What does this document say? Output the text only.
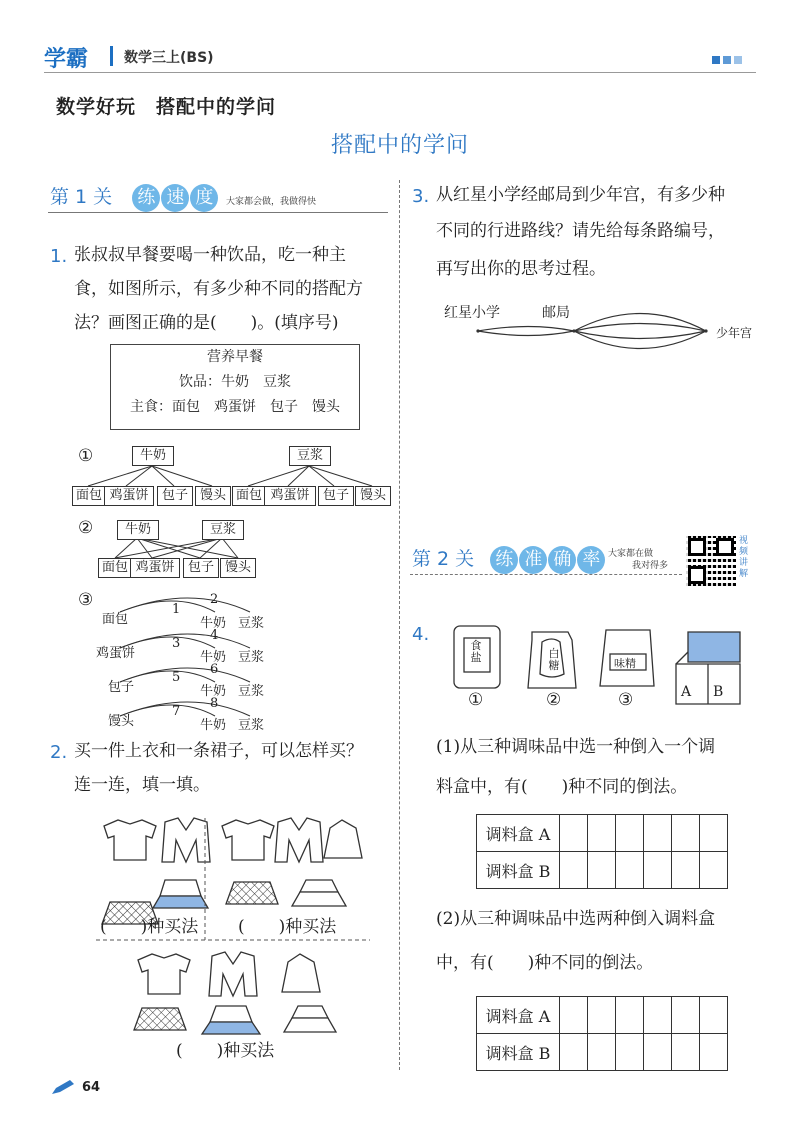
学霸	数学三上(BS)
数学好玩　搭配中的学问
搭配中的学问
第 1 关 练 速 度	大家都会做，我做得快
1. 张叔叔早餐要喝一种饮品，吃一种主
食，如图所示，有多少种不同的搭配方
法？画图正确的是(　　)。(填序号)
营养早餐
饮品：牛奶　豆浆
主食：面包　鸡蛋饼　包子　馒头
①	牛奶	豆浆
面包 鸡蛋饼	包子 馒头 面包 鸡蛋饼	包子 馒头
②	牛奶	豆浆
面包 鸡蛋饼	包子 馒头
③
面包
鸡蛋饼
包子
馒头
1
2
3
4
5
6
7
8
牛奶 豆浆
牛奶 豆浆
牛奶 豆浆
牛奶 豆浆
2. 买一件上衣和一条裙子，可以怎样买？
连一连，填一填。
(　　)种买法 (　　)种买法
(　　)种买法
3. 从红星小学经邮局到少年宫，有多少种
不同的行进路线？请先给每条路编号，
再写出你的思考过程。
红星小学	邮局
少年宫
第 2 关 练 准 确 率 大家都在做
我对得多
视频讲解
4.
食盐	白糖	味精
A B
①	②	③
(1)从三种调味品中选一种倒入一个调
料盒中，有(　　)种不同的倒法。
调料盒 A						
调料盒 B						
(2)从三种调味品中选两种倒入调料盒
中，有(　　)种不同的倒法。
调料盒 A						
调料盒 B						
64
